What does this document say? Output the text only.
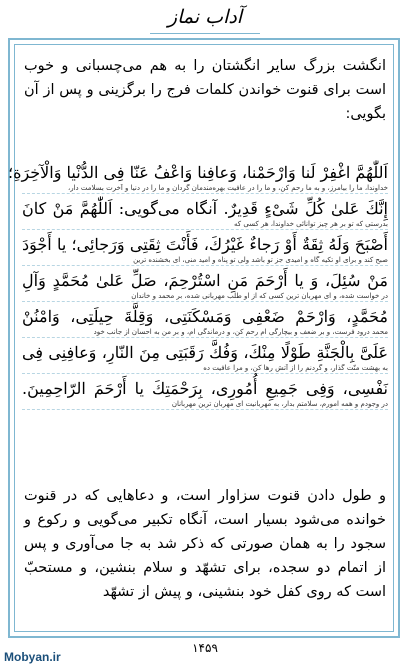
آداب نماز

انگشت بزرگ سایر انگشتان را به هم می‌چسبانی و خوب است برای قنوت خواندن کلمات فرج را برگزینی و پس از آن بگویی:

اَللّٰهُمَّ اغْفِرْ لَنا وَارْحَمْنا، وَعافِنا وَاعْفُ عَنّا فِی الدُّنْیا وَالْآخِرَةِ؛
خداوندا، ما را بیامرز، و به ما رحم کن، و ما را در عافیت بهره‌مندمان گردان و ما را در دنیا و آخرت بسلامت دار،
إِنَّكَ عَلیٰ كُلِّ شَیْءٍ قَدِیرٌ. آنگاه می‌گویی: اَللّٰهُمَّ مَنْ كانَ
بدرستی که تو بر هر چیز توانائی خداوندا، هر کسی که
أَصْبَحَ وَلَهُ ثِقَةٌ أَوْ رَجاءٌ غَیْرُكَ، فَأَنْتَ ثِقَتِی وَرَجائِی؛ یا أَجْوَدَ
صبح کند و برای او تکیه گاه و امیدی جز تو باشد ولی تو پناه و امید منی، ای بخشنده ترین
مَنْ سُئِلَ، وَ یا أَرْحَمَ مَنِ اسْتُرْحِمَ، صَلِّ عَلیٰ مُحَمَّدٍ وَآلِ
در خواست شده، و ای مهربان ترین کسی که از او طلب مهربانی شده، بر محمد و خاندان
مُحَمَّدٍ، وَارْحَمْ ضَعْفِی وَمَسْكَنَتِی، وَقِلَّةَ حِیلَتِی، وَامْنُنْ
محمد درود فرست، و بر ضعف و بیچارگی ام رحم کن، و درماندگی ام، و بر من به احسان از جانب خود
عَلَیَّ بِالْجَنَّةِ طَوْلًا مِنْكَ، وَفُكَّ رَقَبَتِی مِنَ النّارِ، وَعافِنِی فِی
به بهشت منّت گذار، و گردنم را از آتش رها کن، و مرا عافیت ده
نَفْسِی، وَفِی جَمِیعِ أُمُورِی، بِرَحْمَتِكَ یا أَرْحَمَ الرّاحِمِینَ.
در وجودم و همه امورم، سلامتم بدار، به مهربانیت ای مهربان ترین مهربانان

و طول دادن قنوت سزاوار است، و دعاهایی که در قنوت خوانده می‌شود بسیار است، آنگاه تکبیر می‌گویی و رکوع و سجود را به همان صورتی که ذکر شد به جا می‌آوری و پس از اتمام دو سجده، برای تشهّد و سلام بنشین، و مستحبّ است که روی کفل خود بنشینی، و پیش از تشهّد

۱۴۵۹
Mobyan.ir
